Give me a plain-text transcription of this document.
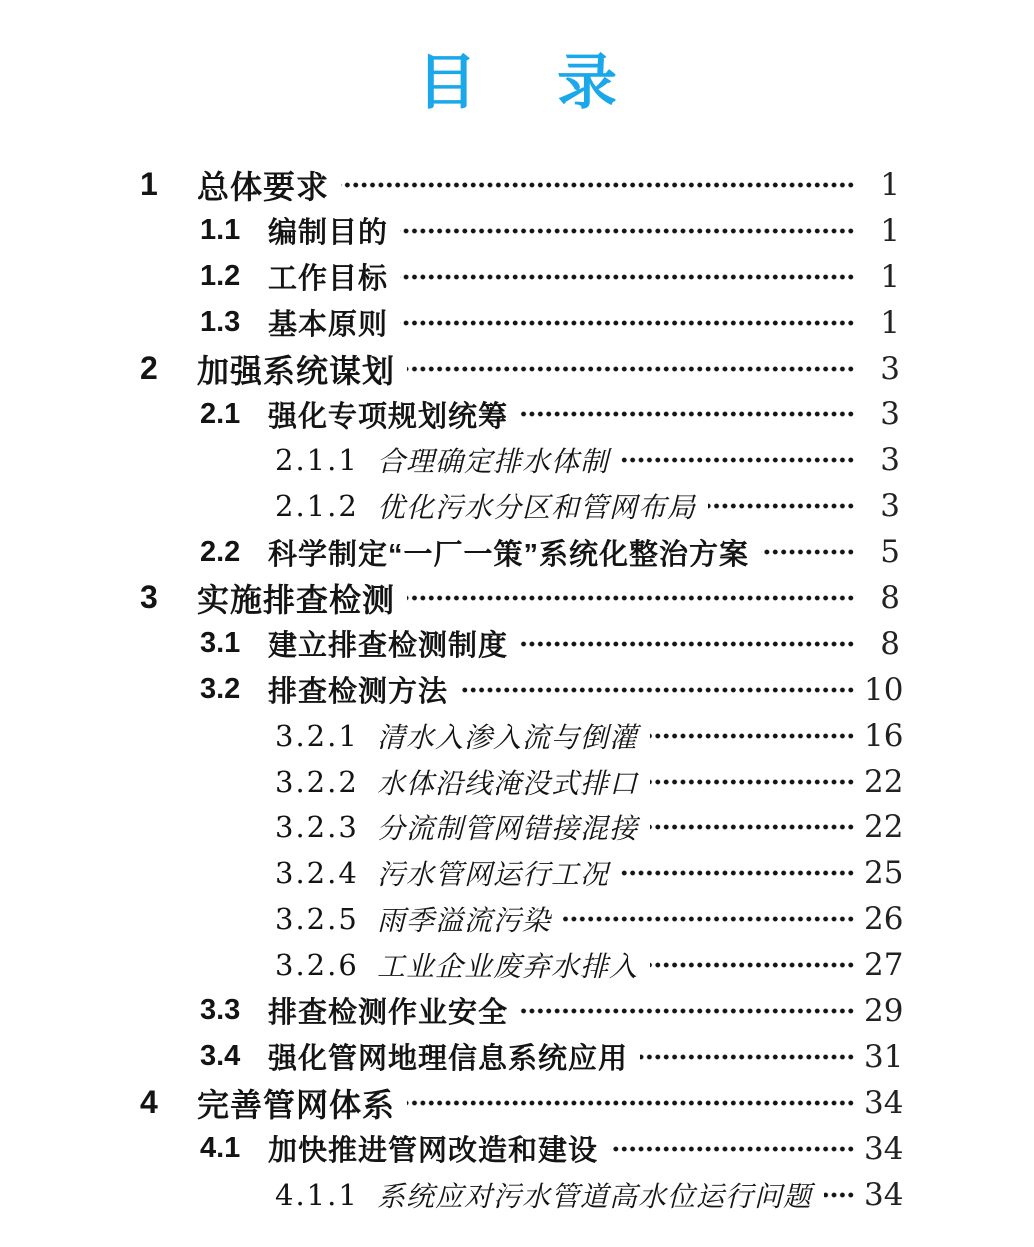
目 录
1	总体要求	1
1.1 编制目的	1
1.2 工作目标	1
1.3 基本原则	1
2	加强系统谋划	3
2.1 强化专项规划统筹	3
2.1.1 合理确定排水体制	3
2.1.2 优化污水分区和管网布局	3
2.2 科学制定“一厂一策”系统化整治方案	5
3	实施排查检测	8
3.1 建立排查检测制度	8
3.2 排查检测方法	10
3.2.1 清水入渗入流与倒灌	16
3.2.2 水体沿线淹没式排口	22
3.2.3 分流制管网错接混接	22
3.2.4 污水管网运行工况	25
3.2.5 雨季溢流污染	26
3.2.6 工业企业废弃水排入	27
3.3 排查检测作业安全	29
3.4 强化管网地理信息系统应用	31
4	完善管网体系	34
4.1 加快推进管网改造和建设	34
4.1.1 系统应对污水管道高水位运行问题 34
